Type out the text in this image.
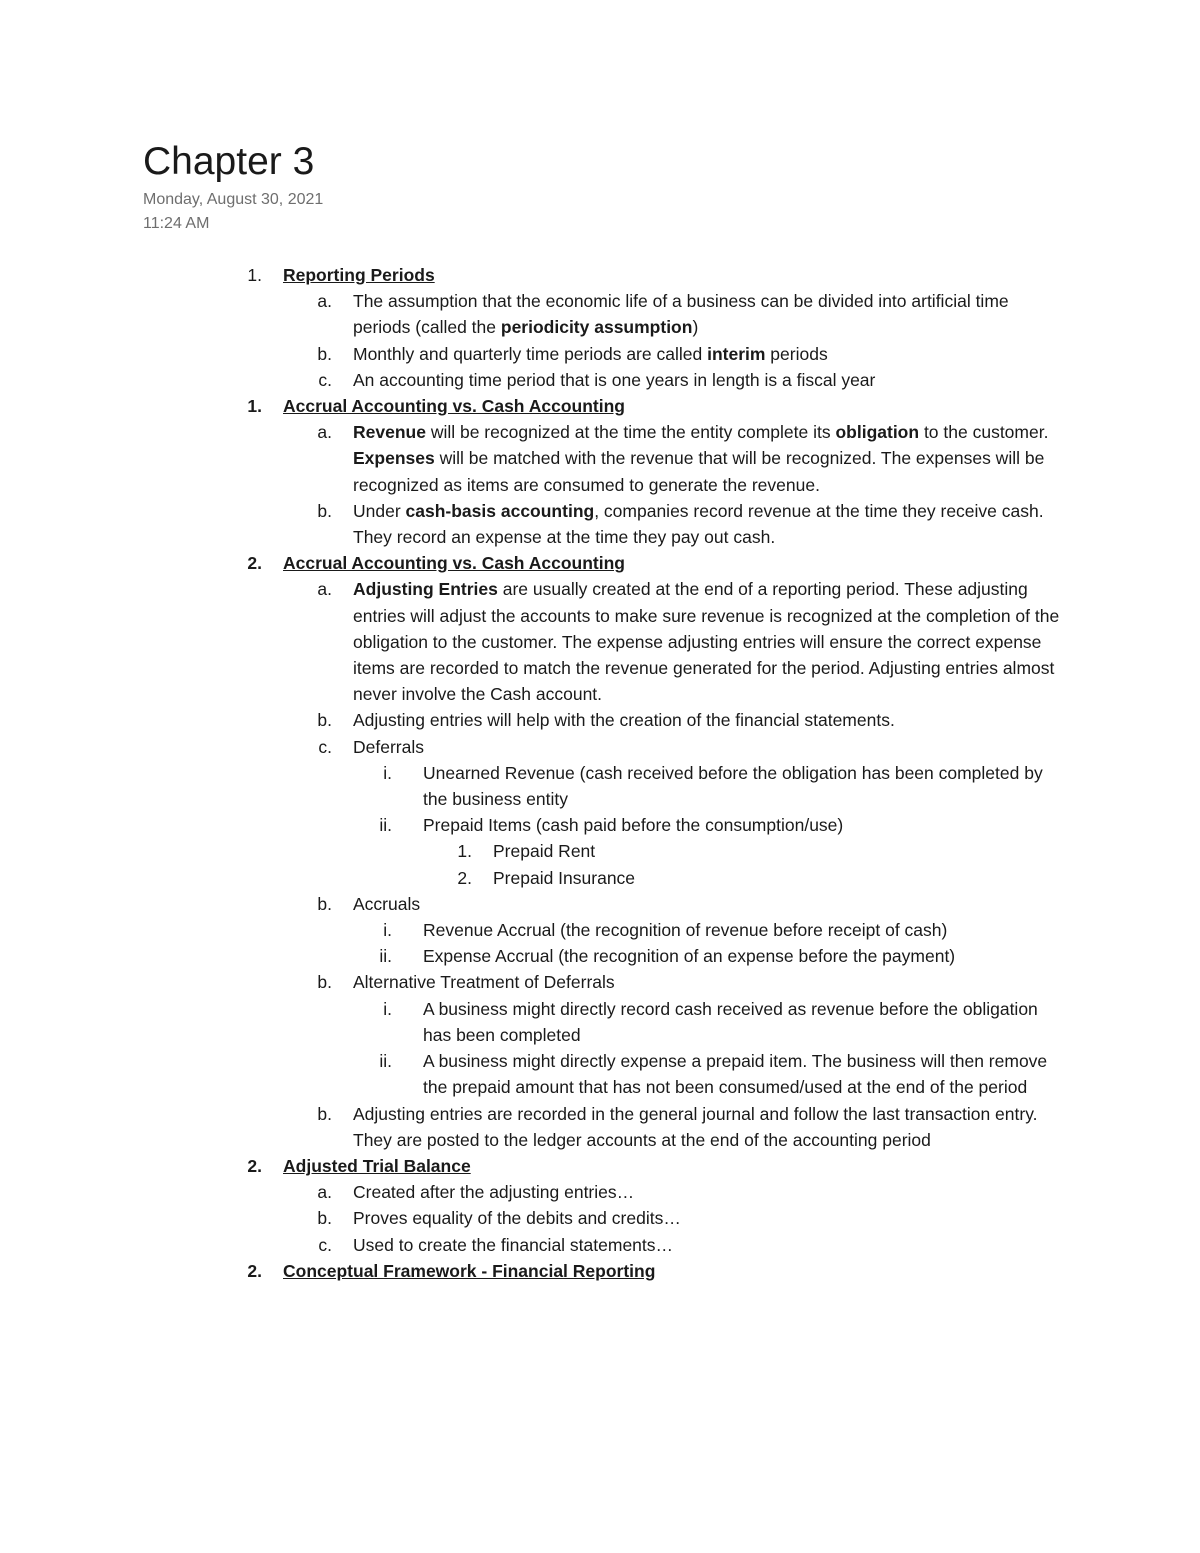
Chapter 3
Monday, August 30, 2021
11:24 AM
1. Reporting Periods
a. The assumption that the economic life of a business can be divided into artificial time periods (called the periodicity assumption)
b. Monthly and quarterly time periods are called interim periods
c. An accounting time period that is one years in length is a fiscal year
1. Accrual Accounting vs. Cash Accounting
a. Revenue will be recognized at the time the entity complete its obligation to the customer. Expenses will be matched with the revenue that will be recognized. The expenses will be recognized as items are consumed to generate the revenue.
b. Under cash-basis accounting, companies record revenue at the time they receive cash. They record an expense at the time they pay out cash.
2. Accrual Accounting vs. Cash Accounting
a. Adjusting Entries are usually created at the end of a reporting period. These adjusting entries will adjust the accounts to make sure revenue is recognized at the completion of the obligation to the customer. The expense adjusting entries will ensure the correct expense items are recorded to match the revenue generated for the period. Adjusting entries almost never involve the Cash account.
b. Adjusting entries will help with the creation of the financial statements.
c. Deferrals
i. Unearned Revenue (cash received before the obligation has been completed by the business entity
ii. Prepaid Items (cash paid before the consumption/use)
1. Prepaid Rent
2. Prepaid Insurance
b. Accruals
i. Revenue Accrual (the recognition of revenue before receipt of cash)
ii. Expense Accrual (the recognition of an expense before the payment)
b. Alternative Treatment of Deferrals
i. A business might directly record cash received as revenue before the obligation has been completed
ii. A business might directly expense a prepaid item. The business will then remove the prepaid amount that has not been consumed/used at the end of the period
b. Adjusting entries are recorded in the general journal and follow the last transaction entry. They are posted to the ledger accounts at the end of the accounting period
2. Adjusted Trial Balance
a. Created after the adjusting entries…
b. Proves equality of the debits and credits…
c. Used to create the financial statements…
2. Conceptual Framework - Financial Reporting
